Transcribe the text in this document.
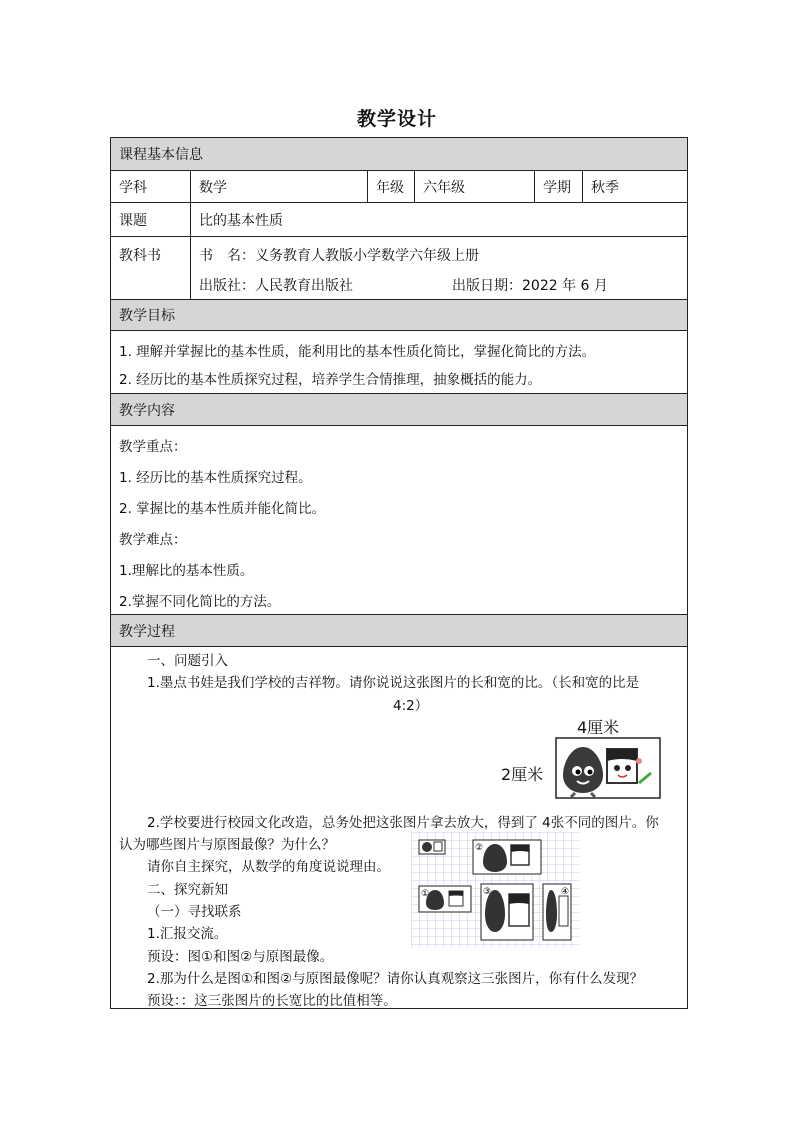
教学设计
课程基本信息
学科	数学	年级	六年级	学期	秋季
课题	比的基本性质
教科书	书　名：义务教育人教版小学数学六年级上册
出版社：人民教育出版社	出版日期：2022 年 6 月
教学目标
1. 理解并掌握比的基本性质，能利用比的基本性质化简比，掌握化简比的方法。
2. 经历比的基本性质探究过程，培养学生合情推理，抽象概括的能力。
教学内容
教学重点：
1. 经历比的基本性质探究过程。
2. 掌握比的基本性质并能化简比。
教学难点：
1.理解比的基本性质。
2.掌握不同化简比的方法。
教学过程
一、问题引入
1.墨点书娃是我们学校的吉祥物。请你说说这张图片的长和宽的比。（长和宽的比是
4:2）
4厘米
2厘米
2.学校要进行校园文化改造，总务处把这张图片拿去放大，得到了 4张不同的图片。你
认为哪些图片与原图最像？为什么？
请你自主探究，从数学的角度说说理由。
二、探究新知
（一）寻找联系
1.汇报交流。
预设：图①和图②与原图最像。
2.那为什么是图①和图②与原图最像呢？请你认真观察这三张图片，你有什么发现？
预设：：这三张图片的长宽比的比值相等。
②
①	③	④
